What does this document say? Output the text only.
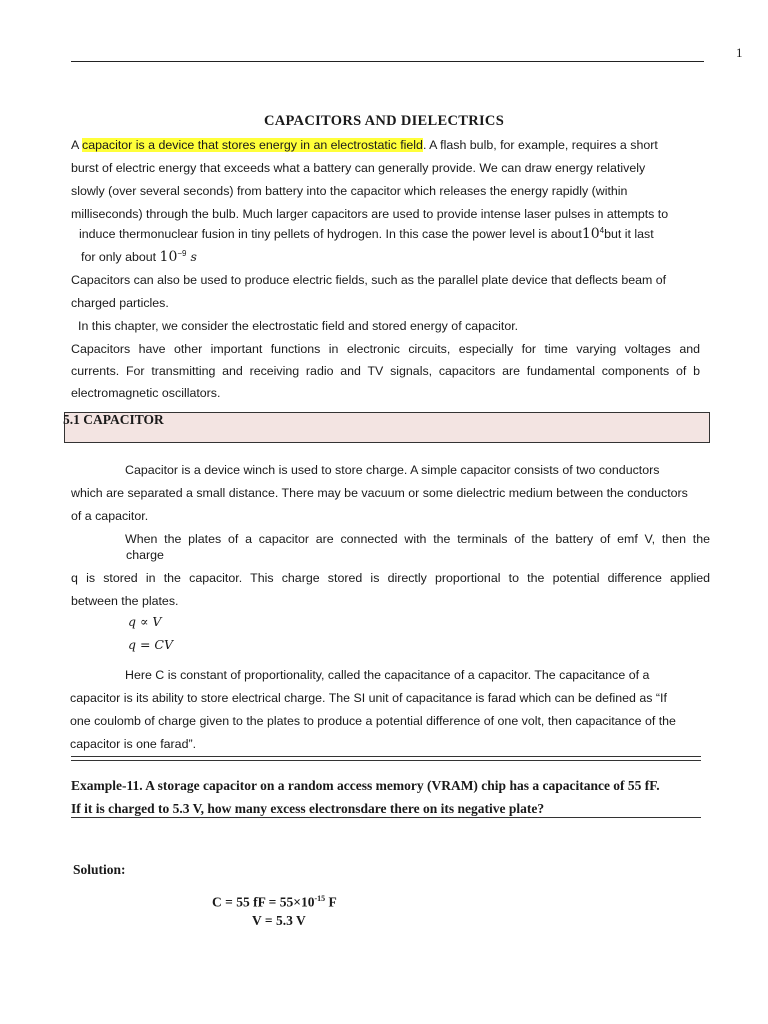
1
CAPACITORS AND DIELECTRICS
A capacitor is a device that stores energy in an electrostatic field. A flash bulb, for example, requires a short
burst of electric energy that exceeds what a battery can generally provide. We can draw energy relatively
slowly (over several seconds) from battery into the capacitor which releases the energy rapidly (within
milliseconds) through the bulb. Much larger capacitors are used to provide intense laser pulses in attempts to
induce thermonuclear fusion in tiny pellets of hydrogen. In this case the power level is $about10^4but$ it last
for only about $10^{-9}$ s
Capacitors can also be used to produce electric fields, such as the parallel plate device that deflects beam of
charged particles.
In this chapter, we consider the electrostatic field and stored energy of capacitor.
Capacitors have other important functions in electronic circuits, especially for time varying voltages and
currents. For transmitting and receiving radio and TV signals, capacitors are fundamental components of b
electromagnetic oscillators.
5.1 CAPACITOR
Capacitor is a device winch is used to store charge. A simple capacitor consists of two conductors
which are separated a small distance. There may be vacuum or some dielectric medium between the conductors
of a capacitor.
When the plates of a capacitor are connected with the terminals of the battery of emf V, then the
charge
q is stored in the capacitor. This charge stored is directly proportional to the potential difference applied
between the plates.
q ∝ V
q = CV
Here C is constant of proportionality, called the capacitance of a capacitor. The capacitance of a
capacitor is its ability to store electrical charge. The SI unit of capacitance is farad which can be defined as “If
one coulomb of charge given to the plates to produce a potential difference of one volt, then capacitance of the
capacitor is one farad”.
Example-11. A storage capacitor on a random access memory (VRAM) chip has a capacitance of 55 fF.
If it is charged to 5.3 V, how many excess electronsdare there on its negative plate?
Solution:
C = 55 fF = $55\times 10^{-15}$ F
V = 5.3 V
